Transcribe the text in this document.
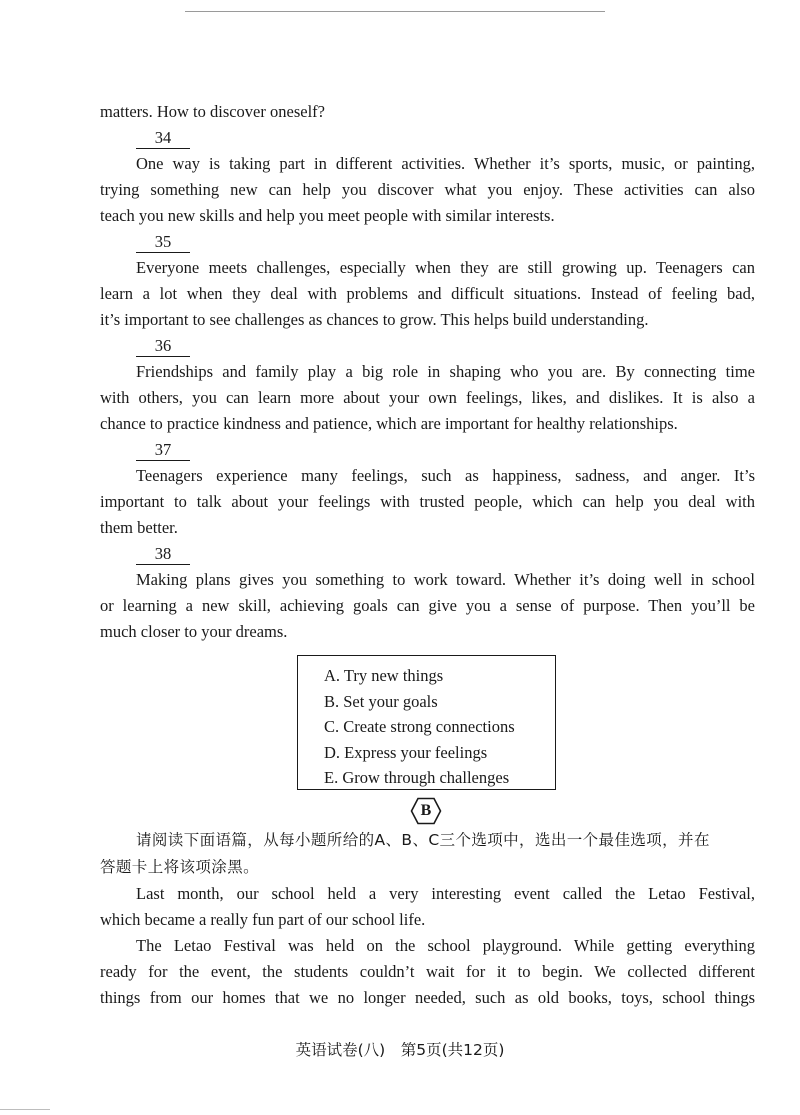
matters. How to discover oneself?
34
One way is taking part in different activities. Whether it’s sports, music, or painting,
trying something new can help you discover what you enjoy. These activities can also
teach you new skills and help you meet people with similar interests.
35
Everyone meets challenges, especially when they are still growing up. Teenagers can
learn a lot when they deal with problems and difficult situations. Instead of feeling bad,
it’s important to see challenges as chances to grow. This helps build understanding.
36
Friendships and family play a big role in shaping who you are. By connecting time
with others, you can learn more about your own feelings, likes, and dislikes. It is also a
chance to practice kindness and patience, which are important for healthy relationships.
37
Teenagers experience many feelings, such as happiness, sadness, and anger. It’s
important to talk about your feelings with trusted people, which can help you deal with
them better.
38
Making plans gives you something to work toward. Whether it’s doing well in school
or learning a new skill, achieving goals can give you a sense of purpose. Then you’ll be
much closer to your dreams.
A. Try new things
B. Set your goals
C. Create strong connections
D. Express your feelings
E. Grow through challenges
B
请阅读下面语篇，从每小题所给的A、B、C三个选项中，选出一个最佳选项，并在
答题卡上将该项涂黑。
Last month, our school held a very interesting event called the Letao Festival,
which became a really fun part of our school life.
The Letao Festival was held on the school playground. While getting everything
ready for the event, the students couldn’t wait for it to begin. We collected different
things from our homes that we no longer needed, such as old books, toys, school things
英语试卷(八)　第5页(共12页)
